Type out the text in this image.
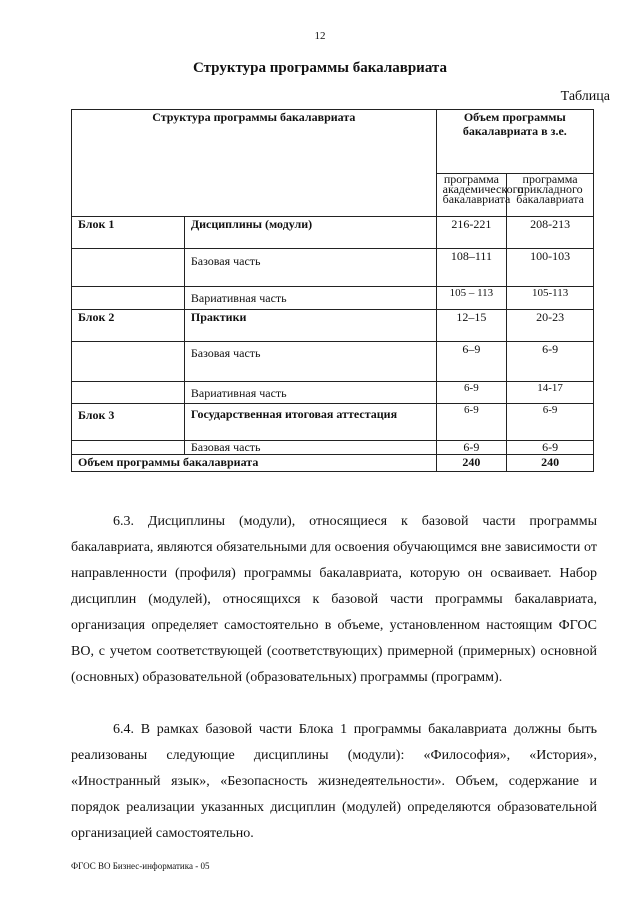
12
Структура программы бакалавриата
Таблица
Структура программы бакалавриата		Объем программы бакалавриата в з.е.	
		программа академического бакалавриата	программа прикладного бакалавриата
Блок 1	Дисциплины (модули)	216-221	208-213
	Базовая часть	108–111	100-103
	Вариативная часть	105 – 113	105-113
Блок 2	Практики	12–15	20-23
	Базовая часть	6–9	6-9
	Вариативная часть	6-9	14-17
Блок 3	Государственная итоговая аттестация	6-9	6-9
	Базовая часть	6-9	6-9
Объем программы бакалавриата		240	240

6.3. Дисциплины (модули), относящиеся к базовой части программы бакалавриата, являются обязательными для освоения обучающимся вне зависимости от направленности (профиля) программы бакалавриата, которую он осваивает. Набор дисциплин (модулей), относящихся к базовой части программы бакалавриата, организация определяет самостоятельно в объеме, установленном настоящим ФГОС ВО, с учетом соответствующей (соответствующих) примерной (примерных) основной (основных) образовательной (образовательных) программы (программ).

6.4. В рамках базовой части Блока 1 программы бакалавриата должны быть реализованы следующие дисциплины (модули): «Философия», «История», «Иностранный язык», «Безопасность жизнедеятельности». Объем, содержание и порядок реализации указанных дисциплин (модулей) определяются образовательной организацией самостоятельно.

ФГОС ВО Бизнес-информатика - 05
